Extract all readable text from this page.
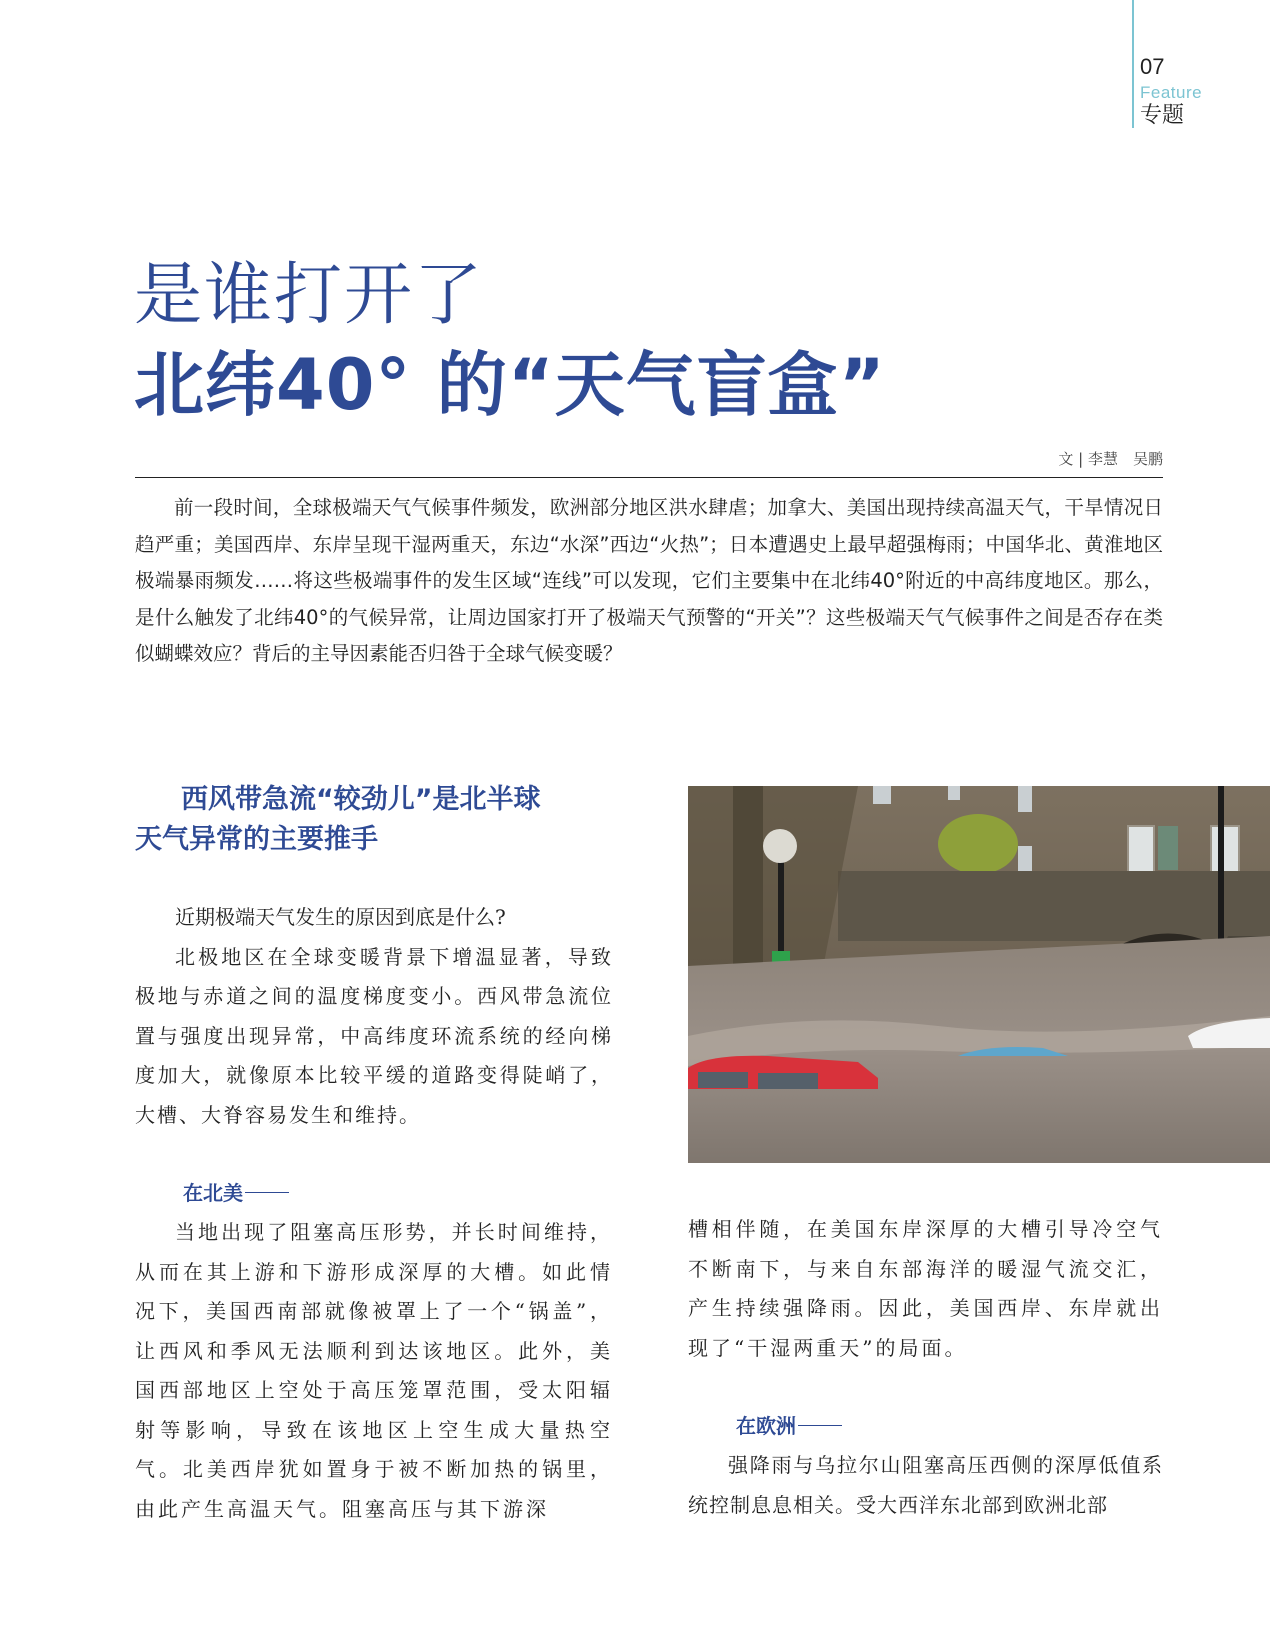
07
Feature
专题
是谁打开了
北纬40° 的“天气盲盒”
文 | 李慧　吴鹏

前一段时间，全球极端天气气候事件频发，欧洲部分地区洪水肆虐；加拿大、美国出现持续高温天气，干旱情况日趋严重；美国西岸、东岸呈现干湿两重天，东边“水深”西边“火热”；日本遭遇史上最早超强梅雨；中国华北、黄淮地区极端暴雨频发……将这些极端事件的发生区域“连线”可以发现，它们主要集中在北纬40°附近的中高纬度地区。那么，是什么触发了北纬40°的气候异常，让周边国家打开了极端天气预警的“开关”？这些极端天气气候事件之间是否存在类似蝴蝶效应？背后的主导因素能否归咎于全球气候变暖？

西风带急流“较劲儿”是北半球
天气异常的主要推手

近期极端天气发生的原因到底是什么?

北极地区在全球变暖背景下增温显著，导致极地与赤道之间的温度梯度变小。西风带急流位置与强度出现异常，中高纬度环流系统的经向梯度加大，就像原本比较平缓的道路变得陡峭了，大槽、大脊容易发生和维持。

在北美

当地出现了阻塞高压形势，并长时间维持，从而在其上游和下游形成深厚的大槽。如此情况下，美国西南部就像被罩上了一个“锅盖”，让西风和季风无法顺利到达该地区。此外，美国西部地区上空处于高压笼罩范围，受太阳辐射等影响，导致在该地区上空生成大量热空气。北美西岸犹如置身于被不断加热的锅里，由此产生高温天气。阻塞高压与其下游深

槽相伴随，在美国东岸深厚的大槽引导冷空气不断南下，与来自东部海洋的暖湿气流交汇，产生持续强降雨。因此，美国西岸、东岸就出现了“干湿两重天”的局面。

在欧洲

强降雨与乌拉尔山阻塞高压西侧的深厚低值系统控制息息相关。受大西洋东北部到欧洲北部
